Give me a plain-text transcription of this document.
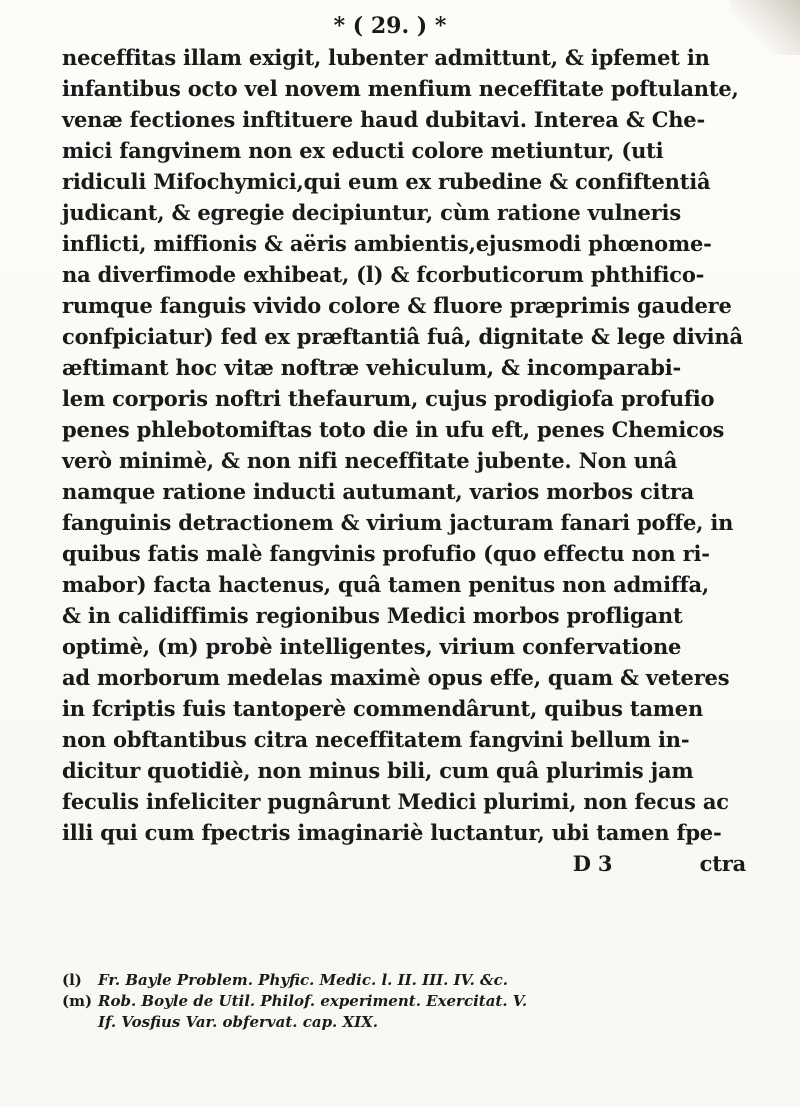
* ( 29. ) *
neceffitas illam exigit, lubenter admittunt, & ipfemet in
infantibus octo vel novem menfium neceffitate poftulante,
venæ fectiones inftituere haud dubitavi. Interea & Che-
mici fangvinem non ex educti colore metiuntur, (uti
ridiculi Mifochymici,qui eum ex rubedine & confiftentiâ
judicant, & egregie decipiuntur, cùm ratione vulneris
inflicti, miffionis & aëris ambientis,ejusmodi phœnome-
na diverfimode exhibeat, (l) & fcorbuticorum phthifico-
rumque fanguis vivido colore & fluore præprimis gaudere
confpiciatur) fed ex præftantiâ fuâ, dignitate & lege divinâ
æftimant hoc vitæ noftræ vehiculum, & incomparabi-
lem corporis noftri thefaurum, cujus prodigiofa profufio
penes phlebotomiftas toto die in ufu eft, penes Chemicos
verò minimè, & non nifi neceffitate jubente. Non unâ
namque ratione inducti autumant, varios morbos citra
fanguinis detractionem & virium jacturam fanari poffe, in
quibus fatis malè fangvinis profufio (quo effectu non ri-
mabor) facta hactenus, quâ tamen penitus non admiffa,
& in calidiffimis regionibus Medici morbos profligant
optimè, (m) probè intelligentes, virium confervatione
ad morborum medelas maximè opus effe, quam & veteres
in fcriptis fuis tantoperè commendârunt, quibus tamen
non obftantibus citra neceffitatem fangvini bellum in-
dicitur quotidiè, non minus bili, cum quâ plurimis jam
feculis infeliciter pugnârunt Medici plurimi, non fecus ac
illi qui cum fpectris imaginariè luctantur, ubi tamen fpe-
D 3	ctra
(l) Fr. Bayle Problem. Phyfic. Medic. l. II. III. IV. &c.
(m) Rob. Boyle de Util. Philof. experiment. Exercitat. V.
If. Vosfius Var. obfervat. cap. XIX.
